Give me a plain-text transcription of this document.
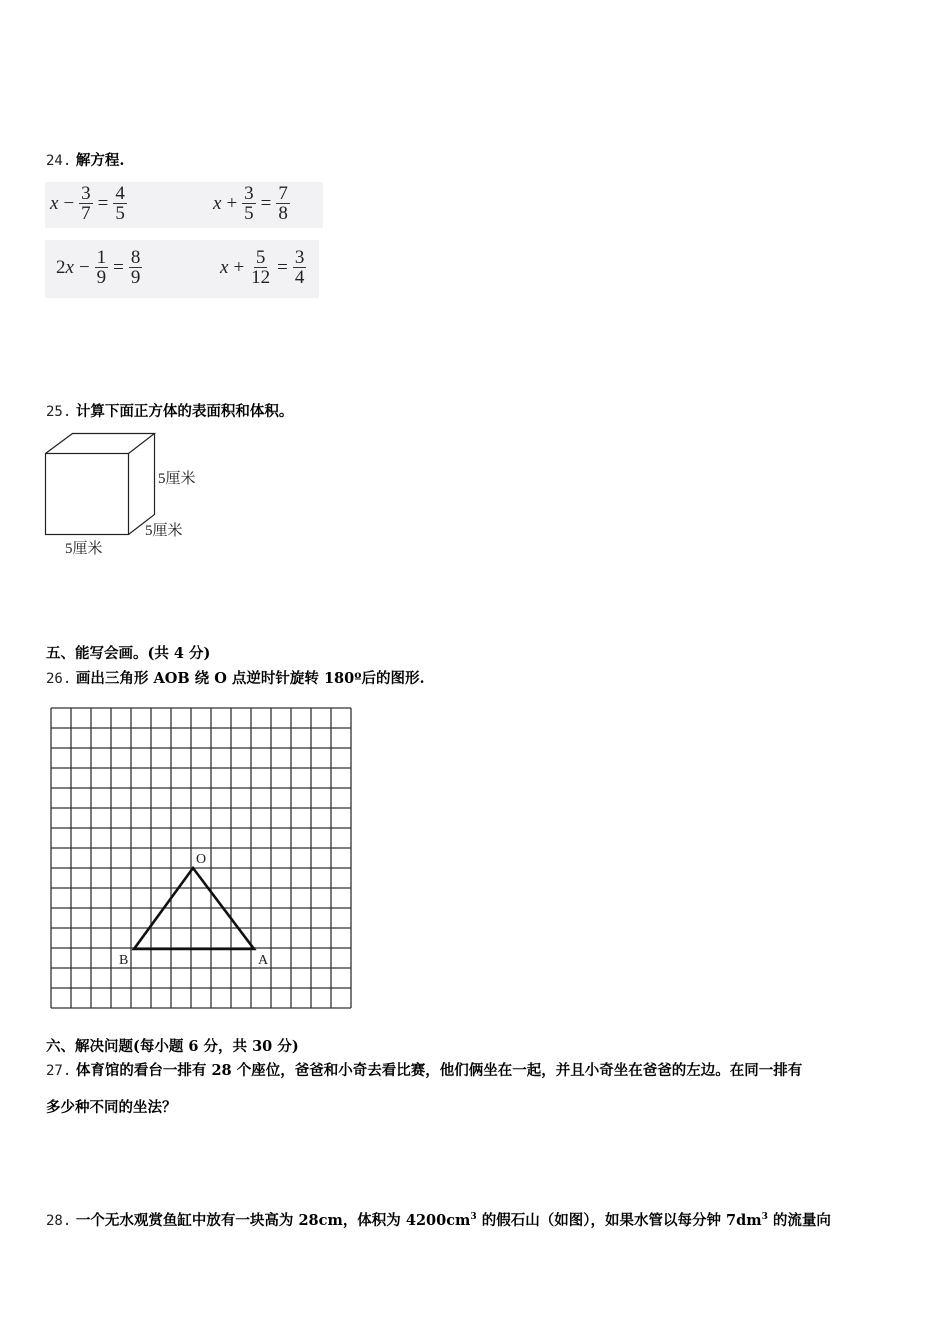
24. 解方程.
$x - \frac{3}{7} = \frac{4}{5}$	$x + \frac{3}{5} = \frac{7}{8}$
2 $x - \frac{1}{9} = \frac{8}{9}$	$x + \frac{5}{12} = \frac{3}{4}$
25. 计算下面正方体的表面积和体积。
5厘米
5厘米
5厘米
五、能写会画。(共 4 分)
26. 画出三角形 AOB 绕 O 点逆时针旋转 180º后的图形.
O
B	A
六、解决问题(每小题 6 分，共 30 分)
27. 体育馆的看台一排有 28 个座位，爸爸和小奇去看比赛，他们俩坐在一起，并且小奇坐在爸爸的左边。在同一排有
多少种不同的坐法？
28. 一个无水观赏鱼缸中放有一块高为 28cm，体积为 $4200cm^3$ 的假石山（如图），如果水管以每分钟 $7dm^3$ 的流量向
